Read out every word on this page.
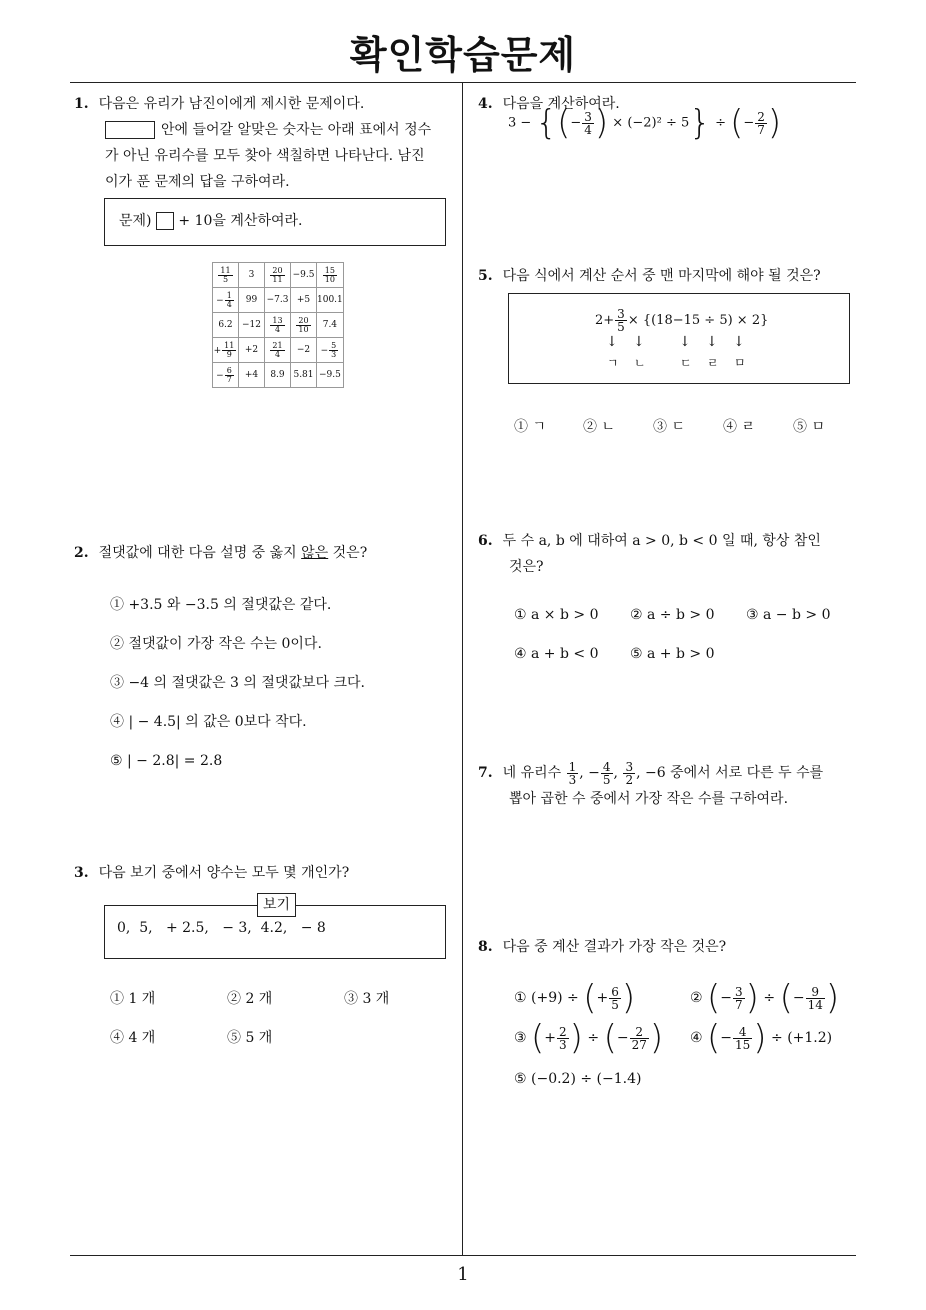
확인학습문제
1
1. 다음은 유리가 남진이에게 제시한 문제이다.
안에 들어갈 알맞은 숫자는 아래 표에서 정수
가 아닌 유리수를 모두 찾아 색칠하면 나타난다. 남진
이가 푼 문제의 답을 구하여라.
문제) + 10을 계산하여라.
$\frac{11}{5}$	3	$\frac{20}{11}$	−9.5	$\frac{15}{10}$

− $\frac{1}{4}$	99	−7.3	+5	100.1
6.2	−12	$\frac{13}{4}$	$\frac{20}{10}$	7.4
+ $\frac{11}{9}$	+2	$\frac{21}{4}$	−2	− $\frac{5}{3}$

− $\frac{6}{7}$	+4	8.9	5.81	−9.5
2. 절댓값에 대한 다음 설명 중 옳지 않은 것은?
① +3.5 와 −3.5 의 절댓값은 같다.
② 절댓값이 가장 작은 수는 0이다.
③ −4 의 절댓값은 3 의 절댓값보다 크다.
④ | − 4.5| 의 값은 0보다 작다.
⑤ | − 2.8| = 2.8
3. 다음 보기 중에서 양수는 모두 몇 개인가?
보기
0,  5,   + 2.5,   − 3,  4.2,   − 8
① 1 개	② 2 개	③ 3 개
④ 4 개	⑤ 5 개
4. 다음을 계산하여라.
3 − {(− $\frac{3}{4}$ ) × (−2)² ÷ 5} ÷ (− $\frac{2}{7}$ )
5. 다음 식에서 계산 순서 중 맨 마지막에 해야 될 것은?
$2+ \frac{3}{5} \times \{(18-15 \div 5) \times 2\}$
↓ ↓ ↓ ↓ ↓
ㄱ ㄴ	ㄷ ㄹ ㅁ
① ㄱ	② ㄴ	③ ㄷ	④ ㄹ	⑤ ㅁ
6. 두 수 a, b 에 대하여 a > 0, b < 0 일 때, 항상 참인
것은?
① a × b > 0 ② a ÷ b > 0 ③ a − b > 0
④ a + b < 0 ⑤ a + b > 0
7. 네 유리수 $\frac{1}{3}$ , − $\frac{4}{5}$ , $\frac{3}{2}$ , −6 중에서 서로 다른 두 수를
뽑아 곱한 수 중에서 가장 작은 수를 구하여라.
8. 다음 중 계산 결과가 가장 작은 것은?
① (+9) ÷ (+ $\frac{6}{5}$ )	② (− $\frac{3}{7}$ ) ÷ (− $\frac{9}{14}$ )
③ (+ $\frac{2}{3}$ ) ÷ (− $\frac{2}{27}$ ) ④ (− $\frac{4}{15}$ ) ÷ (+1.2)
⑤ (−0.2) ÷ (−1.4)
